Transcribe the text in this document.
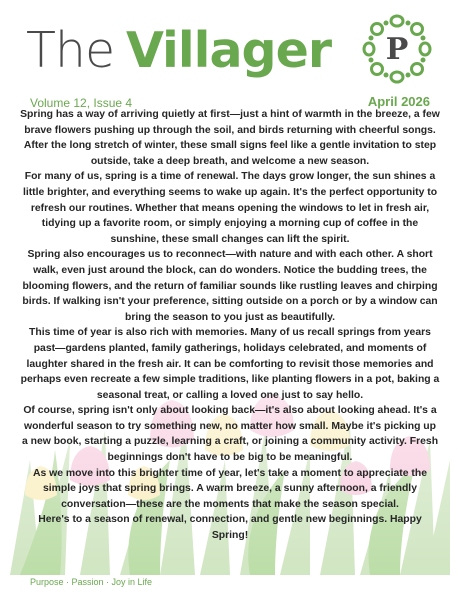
The Villager P
Volume 12, Issue 4	April 2026

Spring has a way of arriving quietly at first—just a hint of warmth in the breeze, a few brave flowers pushing up through the soil, and birds returning with cheerful songs. After the long stretch of winter, these small signs feel like a gentle invitation to step outside, take a deep breath, and welcome a new season.

For many of us, spring is a time of renewal. The days grow longer, the sun shines a little brighter, and everything seems to wake up again. It's the perfect opportunity to refresh our routines. Whether that means opening the windows to let in fresh air, tidying up a favorite room, or simply enjoying a morning cup of coffee in the sunshine, these small changes can lift the spirit.

Spring also encourages us to reconnect—with nature and with each other. A short walk, even just around the block, can do wonders. Notice the budding trees, the blooming flowers, and the return of familiar sounds like rustling leaves and chirping birds. If walking isn't your preference, sitting outside on a porch or by a window can bring the season to you just as beautifully.

This time of year is also rich with memories. Many of us recall springs from years past—gardens planted, family gatherings, holidays celebrated, and moments of laughter shared in the fresh air. It can be comforting to revisit those memories and perhaps even recreate a few simple traditions, like planting flowers in a pot, baking a seasonal treat, or calling a loved one just to say hello.

Of course, spring isn't only about looking back—it's also about looking ahead. It's a wonderful season to try something new, no matter how small. Maybe it's picking up a new book, starting a puzzle, learning a craft, or joining a community activity. Fresh beginnings don't have to be big to be meaningful.

As we move into this brighter time of year, let's take a moment to appreciate the simple joys that spring brings. A warm breeze, a sunny afternoon, a friendly conversation—these are the moments that make the season special.

Here's to a season of renewal, connection, and gentle new beginnings. Happy Spring!

Purpose · Passion · Joy in Life
